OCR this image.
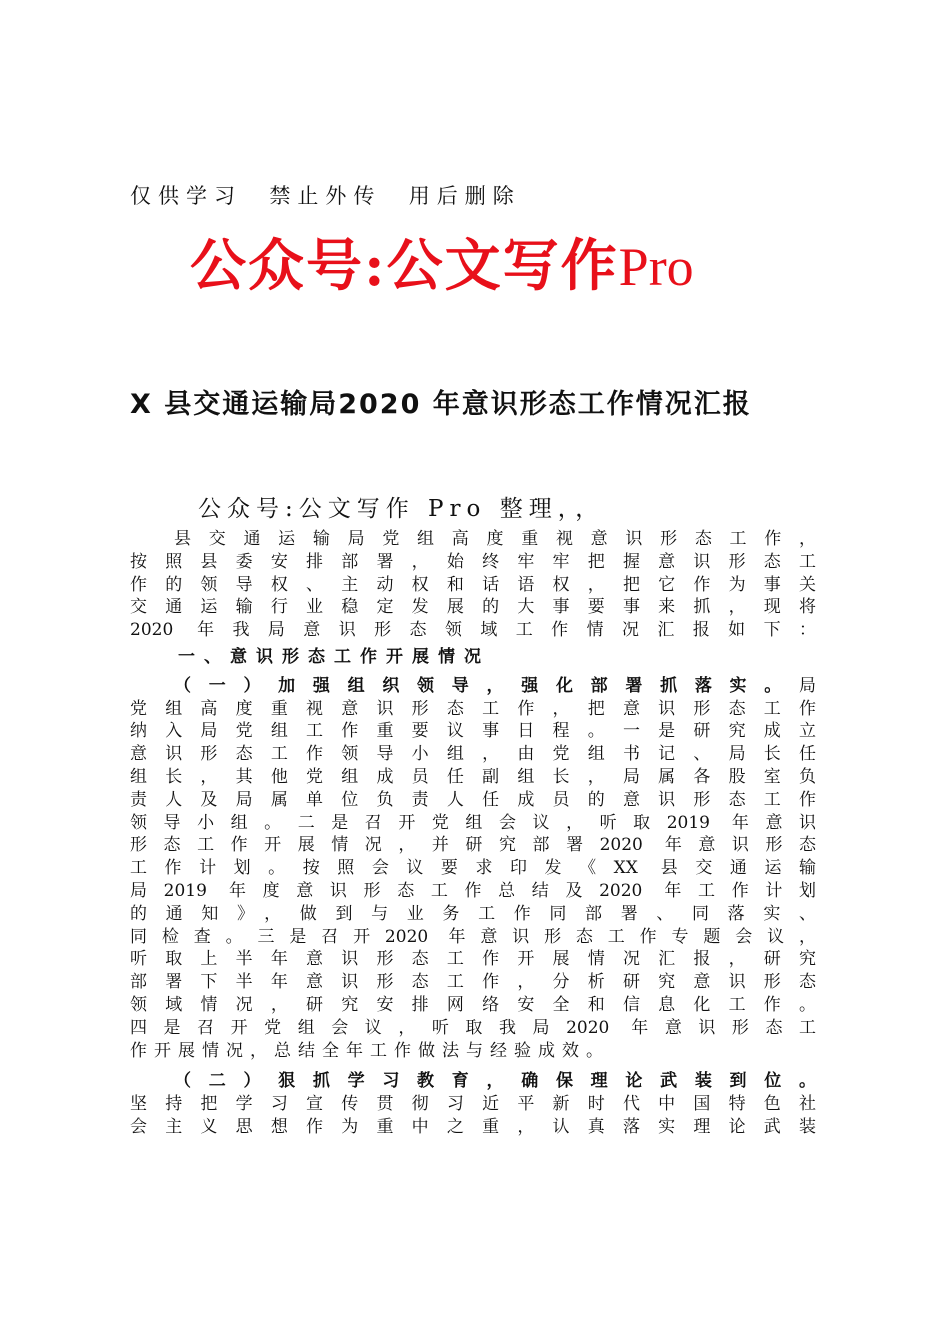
仅供学习  禁止外传  用后删除
公众号:公文写作Pro
X 县交通运输局2020 年意识形态工作情况汇报
公众号:公文写作 Pro 整理，，
县交通运输局党组高度重视意识形态工作，
按照县委安排部署，始终牢牢把握意识形态工
作的领导权、主动权和话语权，把它作为事关
交通运输行业稳定发展的大事要事来抓，现将
2020 年我局意识形态领域工作情况汇报如下：
一、意识形态工作开展情况
（一）加强组织领导，强化部署抓落实。局
党组高度重视意识形态工作，把意识形态工作
纳入局党组工作重要议事日程。一是研究成立
意识形态工作领导小组，由党组书记、局长任
组长，其他党组成员任副组长，局属各股室负
责人及局属单位负责人任成员的意识形态工作
领导小组。二是召开党组会议，听取2019 年意识
形态工作开展情况，并研究部署2020 年意识形态
工作计划。按照会议要求印发《XX 县交通运输
局2019 年度意识形态工作总结及2020 年工作计划
的通知》，做到与业务工作同部署、同落实、
同检查。三是召开2020 年意识形态工作专题会议，
听取上半年意识形态工作开展情况汇报，研究
部署下半年意识形态工作，分析研究意识形态
领域情况，研究安排网络安全和信息化工作。
四是召开党组会议，听取我局2020 年意识形态工
作开展情况，总结全年工作做法与经验成效。
（二）狠抓学习教育，确保理论武装到位。
坚持把学习宣传贯彻习近平新时代中国特色社
会主义思想作为重中之重，认真落实理论武装
